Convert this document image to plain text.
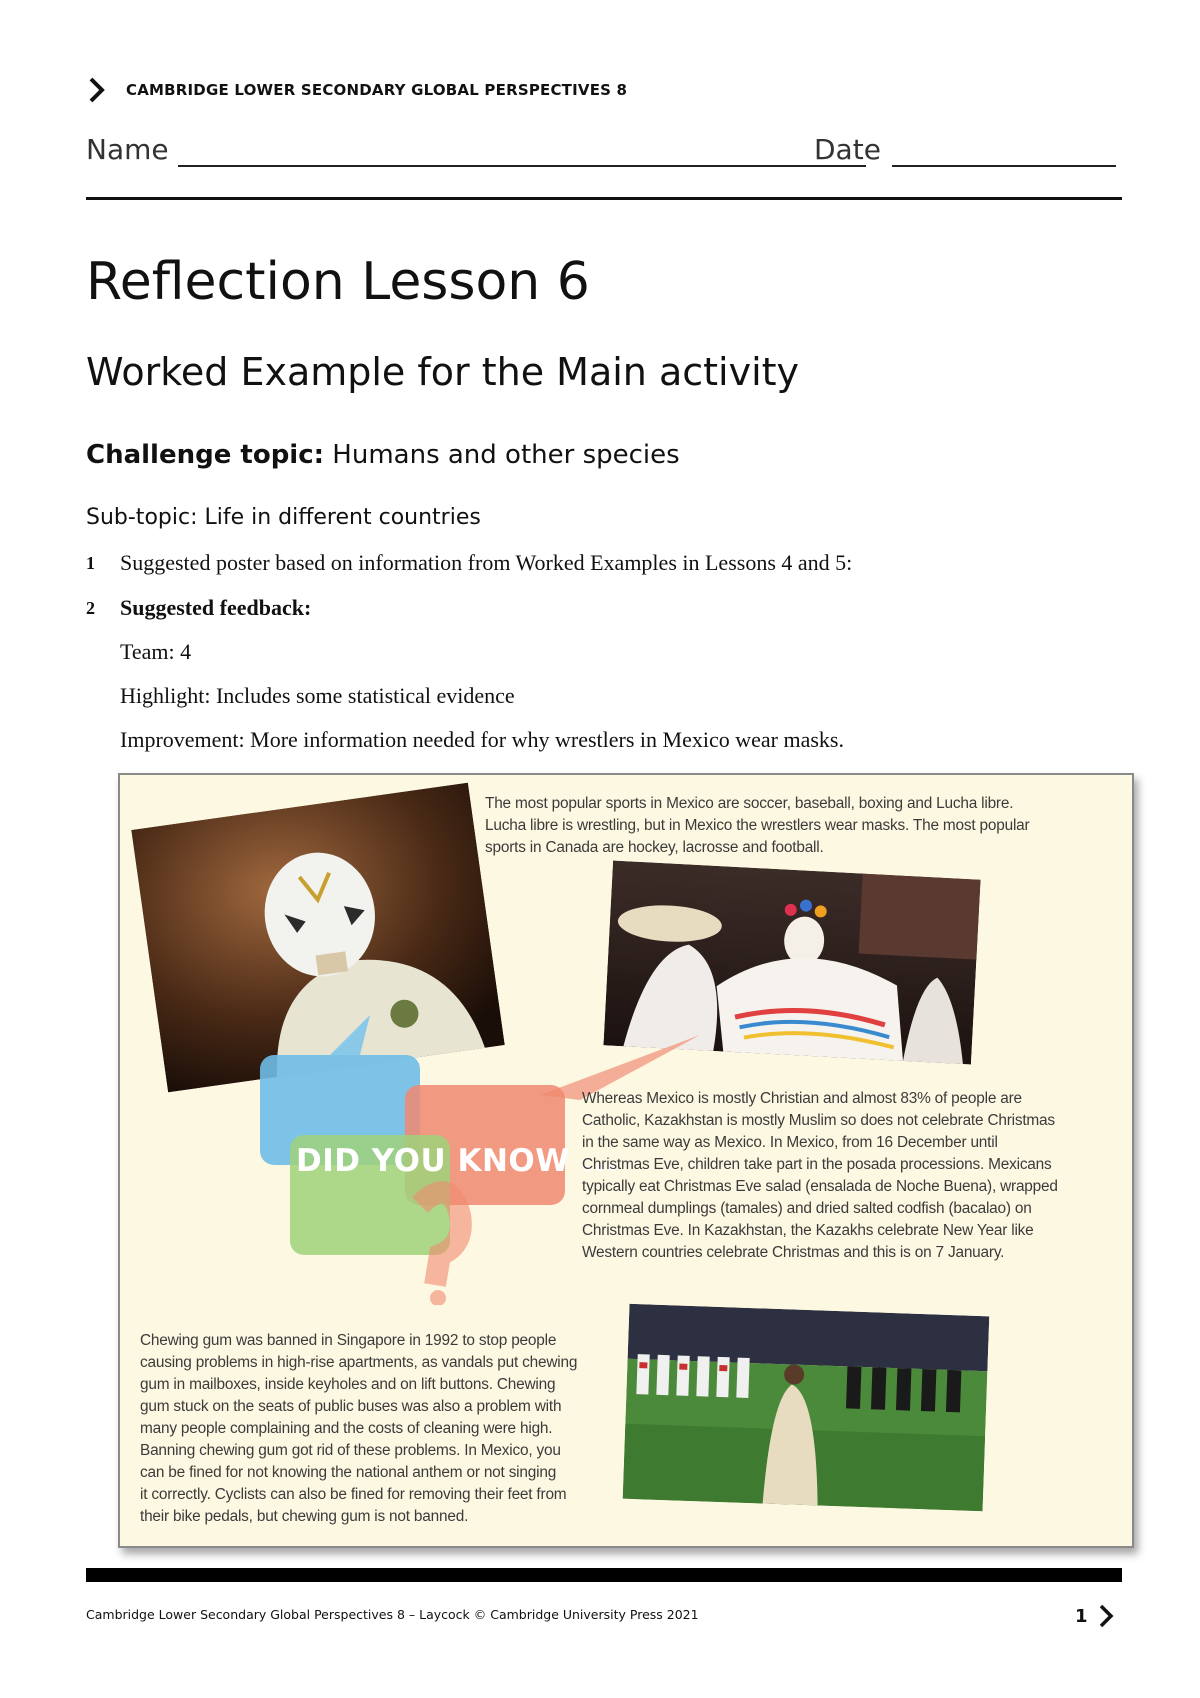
CAMBRIDGE LOWER SECONDARY GLOBAL PERSPECTIVES 8
Name	Date
Reflection Lesson 6
Worked Example for the Main activity
Challenge topic: Humans and other species
Sub-topic: Life in different countries
1 Suggested poster based on information from Worked Examples in Lessons 4 and 5:
2 Suggested feedback:
Team: 4
Highlight: Includes some statistical evidence
Improvement: More information needed for why wrestlers in Mexico wear masks.
The most popular sports in Mexico are soccer, baseball, boxing and Lucha libre.
Lucha libre is wrestling, but in Mexico the wrestlers wear masks. The most popular
sports in Canada are hockey, lacrosse and football.
DID YOU KNOW ...
Whereas Mexico is mostly Christian and almost 83% of people are
Catholic, Kazakhstan is mostly Muslim so does not celebrate Christmas
in the same way as Mexico. In Mexico, from 16 December until
Christmas Eve, children take part in the posada processions. Mexicans
typically eat Christmas Eve salad (ensalada de Noche Buena), wrapped
cornmeal dumplings (tamales) and dried salted codfish (bacalao) on
Christmas Eve. In Kazakhstan, the Kazakhs celebrate New Year like
Western countries celebrate Christmas and this is on 7 January.
Chewing gum was banned in Singapore in 1992 to stop people
causing problems in high-rise apartments, as vandals put chewing
gum in mailboxes, inside keyholes and on lift buttons. Chewing
gum stuck on the seats of public buses was also a problem with
many people complaining and the costs of cleaning were high.
Banning chewing gum got rid of these problems. In Mexico, you
can be fined for not knowing the national anthem or not singing
it correctly. Cyclists can also be fined for removing their feet from
their bike pedals, but chewing gum is not banned.
Cambridge Lower Secondary Global Perspectives 8 – Laycock © Cambridge University Press 2021	1
